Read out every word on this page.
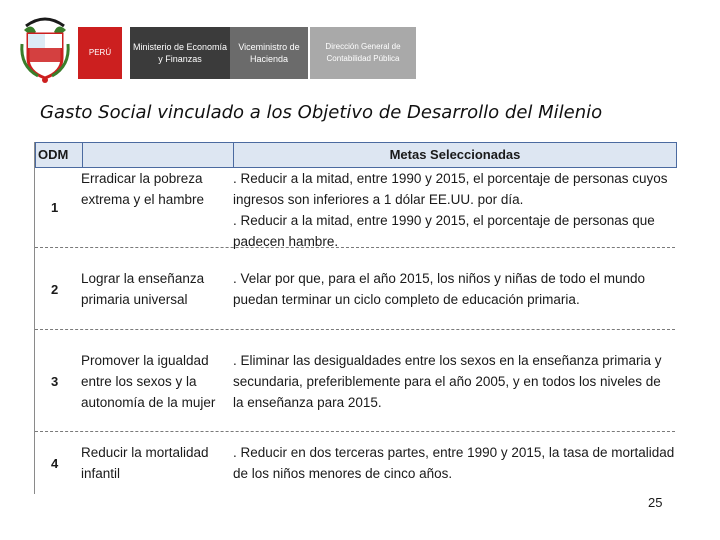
PERÚ
Ministerio de Economía y Finanzas
Viceministro de Hacienda
Dirección General de Contabilidad Pública
Gasto Social vinculado a los Objetivo de Desarrollo del Milenio
ODM	Metas Seleccionadas
1
Erradicar la pobreza extrema y el hambre
. Reducir a la mitad, entre 1990 y 2015, el porcentaje de personas cuyos ingresos son inferiores a 1 dólar EE.UU. por día.
. Reducir a la mitad, entre 1990 y 2015, el porcentaje de personas que padecen hambre.
2
Lograr la enseñanza primaria universal
. Velar por que, para el año 2015, los niños y niñas de todo el mundo puedan terminar un ciclo completo de educación primaria.
3
Promover la igualdad entre los sexos y la autonomía de la mujer
. Eliminar las desigualdades entre los sexos en la enseñanza primaria y secundaria, preferiblemente para el año 2005, y en todos los niveles de la enseñanza para 2015.
4
Reducir la mortalidad infantil
. Reducir en dos terceras partes, entre 1990 y 2015, la tasa de mortalidad de los niños menores de cinco años.
25
